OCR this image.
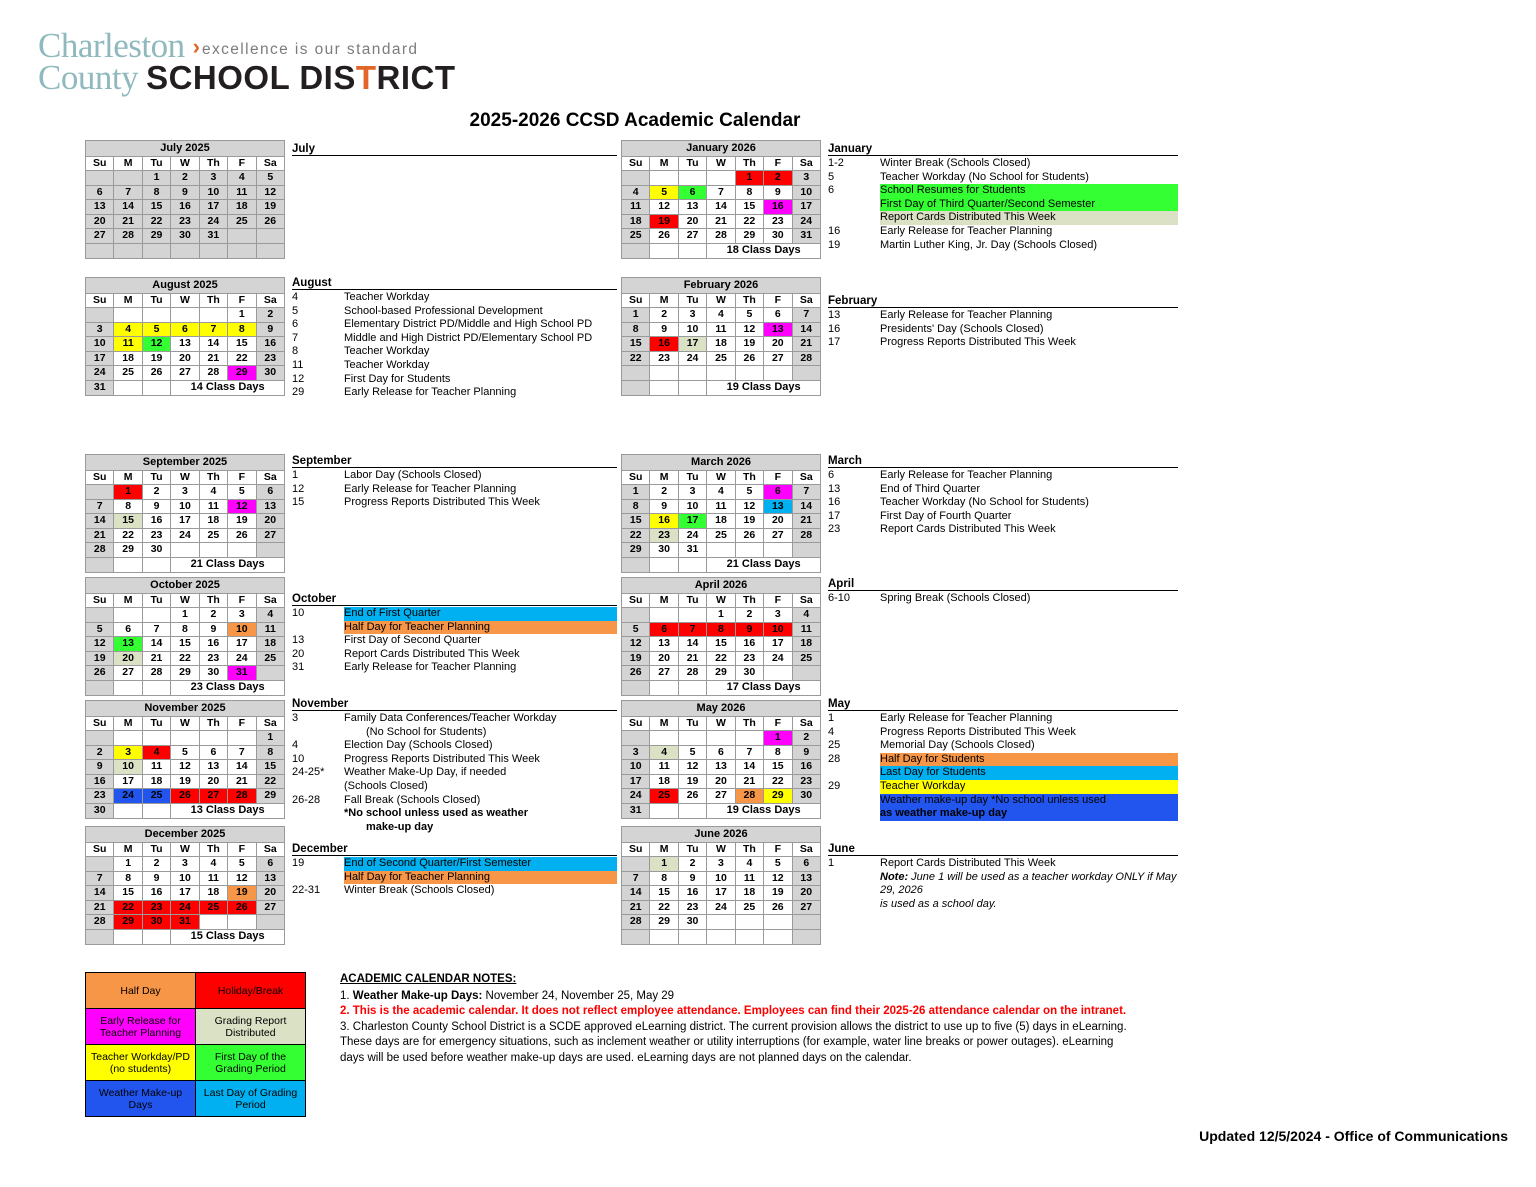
Charleston › excellence is our standard
County SCHOOL DISTRICT
2025-2026 CCSD Academic Calendar
July 2025						
Su	M	Tu	W	Th	F	Sa
		1	2	3	4	5
6	7	8	9	10	11	12
13	14	15	16	17	18	19
20	21	22	23	24	25	26
27	28	29	30	31		

August 2025						
Su	M	Tu	W	Th	F	Sa
					1	2
3	4	5	6	7	8	9
10	11	12	13	14	15	16
17	18	19	20	21	22	23
24	25	26	27	28	29	30
31			14 Class Days			
September 2025						
Su	M	Tu	W	Th	F	Sa
	1	2	3	4	5	6
7	8	9	10	11	12	13
14	15	16	17	18	19	20
21	22	23	24	25	26	27
28	29	30				
			21 Class Days			
October 2025						
Su	M	Tu	W	Th	F	Sa
			1	2	3	4
5	6	7	8	9	10	11
12	13	14	15	16	17	18
19	20	21	22	23	24	25
26	27	28	29	30	31	
			23 Class Days			
November 2025						
Su	M	Tu	W	Th	F	Sa
						1
2	3	4	5	6	7	8
9	10	11	12	13	14	15
16	17	18	19	20	21	22
23	24	25	26	27	28	29
30			13 Class Days			
December 2025						
Su	M	Tu	W	Th	F	Sa
	1	2	3	4	5	6
7	8	9	10	11	12	13
14	15	16	17	18	19	20
21	22	23	24	25	26	27
28	29	30	31			
			15 Class Days			
July
August
4	Teacher Workday
5	School-based Professional Development
6	Elementary District PD/Middle and High School PD
7	Middle and High District PD/Elementary School PD
8	Teacher Workday
11	Teacher Workday
12	First Day for Students
29	Early Release for Teacher Planning
September
1	Labor Day (Schools Closed)
12	Early Release for Teacher Planning
15	Progress Reports Distributed This Week
October
10	End of First Quarter
Half Day for Teacher Planning
13	First Day of Second Quarter
20	Report Cards Distributed This Week
31	Early Release for Teacher Planning
November
3	Family Data Conferences/Teacher Workday
(No School for Students)
4	Election Day (Schools Closed)
10	Progress Reports Distributed This Week
24-25*	Weather Make-Up Day, if needed
(Schools Closed)
26-28	Fall Break (Schools Closed)
*No school unless used as weather
make-up day
December
19	End of Second Quarter/First Semester
Half Day for Teacher Planning
22-31	Winter Break (Schools Closed)
January 2026						
Su	M	Tu	W	Th	F	Sa
				1	2	3
4	5	6	7	8	9	10
11	12	13	14	15	16	17
18	19	20	21	22	23	24
25	26	27	28	29	30	31
			18 Class Days			
February 2026						
Su	M	Tu	W	Th	F	Sa
1	2	3	4	5	6	7
8	9	10	11	12	13	14
15	16	17	18	19	20	21
22	23	24	25	26	27	28

			19 Class Days			
March 2026						
Su	M	Tu	W	Th	F	Sa
1	2	3	4	5	6	7
8	9	10	11	12	13	14
15	16	17	18	19	20	21
22	23	24	25	26	27	28
29	30	31				
			21 Class Days			
April 2026						
Su	M	Tu	W	Th	F	Sa
			1	2	3	4
5	6	7	8	9	10	11
12	13	14	15	16	17	18
19	20	21	22	23	24	25
26	27	28	29	30		
			17 Class Days			
May 2026						
Su	M	Tu	W	Th	F	Sa
					1	2
3	4	5	6	7	8	9
10	11	12	13	14	15	16
17	18	19	20	21	22	23
24	25	26	27	28	29	30
31			19 Class Days			
June 2026						
Su	M	Tu	W	Th	F	Sa
	1	2	3	4	5	6
7	8	9	10	11	12	13
14	15	16	17	18	19	20
21	22	23	24	25	26	27
28	29	30				

January
1-2	Winter Break (Schools Closed)
5	Teacher Workday (No School for Students)
6	School Resumes for Students
First Day of Third Quarter/Second Semester
Report Cards Distributed This Week
16	Early Release for Teacher Planning
19	Martin Luther King, Jr. Day (Schools Closed)
February
13	Early Release for Teacher Planning
16	Presidents' Day (Schools Closed)
17	Progress Reports Distributed This Week
March
6	Early Release for Teacher Planning
13	End of Third Quarter
16	Teacher Workday (No School for Students)
17	First Day of Fourth Quarter
23	Report Cards Distributed This Week
April
6-10	Spring Break (Schools Closed)
May
1	Early Release for Teacher Planning
4	Progress Reports Distributed This Week
25	Memorial Day (Schools Closed)
28	Half Day for Students
Last Day for Students
29	Teacher Workday
Weather make-up day *No school unless used
as weather make-up day
June
1	Report Cards Distributed This Week
Note: June 1 will be used as a teacher workday ONLY if May 29, 2026
is used as a school day.
Half Day	Holiday/Break
Early Release for Teacher Planning	Grading Report Distributed
Teacher Workday/PD (no students)	First Day of the Grading Period
Weather Make-up Days	Last Day of Grading Period

ACADEMIC CALENDAR NOTES:

1. Weather Make-up Days: November 24, November 25, May 29

2. This is the academic calendar. It does not reflect employee attendance. Employees can find their 2025-26 attendance calendar on the intranet.

3. Charleston County School District is a SCDE approved eLearning district. The current provision allows the district to use up to five (5) days in eLearning. These days are for emergency situations, such as inclement weather or utility interruptions (for example, water line breaks or power outages). eLearning days will be used before weather make-up days are used. eLearning days are not planned days on the calendar.

Updated 12/5/2024 - Office of Communications
